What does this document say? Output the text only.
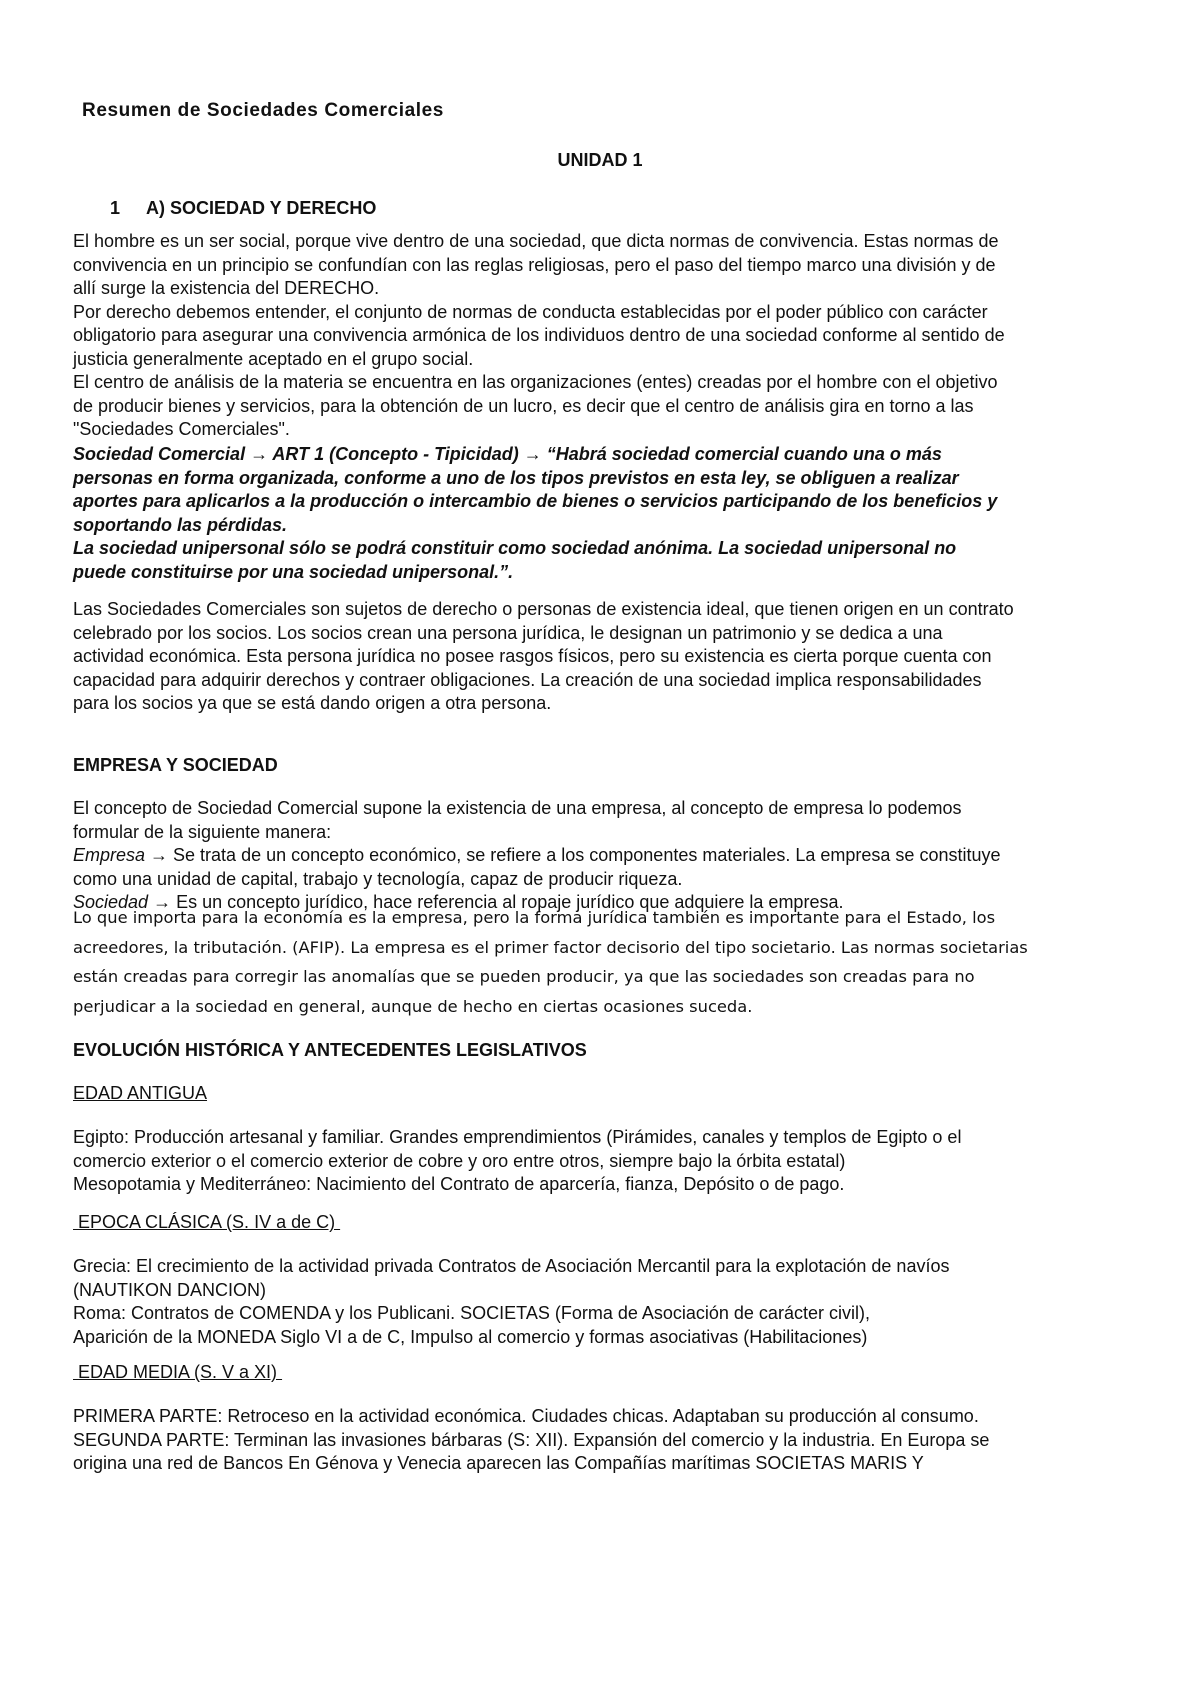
Resumen de Sociedades Comerciales
UNIDAD 1
1 A) SOCIEDAD Y DERECHO
El hombre es un ser social, porque vive dentro de una sociedad, que dicta normas de convivencia. Estas normas de
convivencia en un principio se confundían con las reglas religiosas, pero el paso del tiempo marco una división y de
allí surge la existencia del DERECHO.
Por derecho debemos entender, el conjunto de normas de conducta establecidas por el poder público con carácter
obligatorio para asegurar una convivencia armónica de los individuos dentro de una sociedad conforme al sentido de
justicia generalmente aceptado en el grupo social.
El centro de análisis de la materia se encuentra en las organizaciones (entes) creadas por el hombre con el objetivo
de producir bienes y servicios, para la obtención de un lucro, es decir que el centro de análisis gira en torno a las
"Sociedades Comerciales".
Sociedad Comercial → ART 1 (Concepto - Tipicidad) → “Habrá sociedad comercial cuando una o más
personas en forma organizada, conforme a uno de los tipos previstos en esta ley, se obliguen a realizar
aportes para aplicarlos a la producción o intercambio de bienes o servicios participando de los beneficios y
soportando las pérdidas.
La sociedad unipersonal sólo se podrá constituir como sociedad anónima. La sociedad unipersonal no
puede constituirse por una sociedad unipersonal.”.
Las Sociedades Comerciales son sujetos de derecho o personas de existencia ideal, que tienen origen en un contrato
celebrado por los socios. Los socios crean una persona jurídica, le designan un patrimonio y se dedica a una
actividad económica. Esta persona jurídica no posee rasgos físicos, pero su existencia es cierta porque cuenta con
capacidad para adquirir derechos y contraer obligaciones. La creación de una sociedad implica responsabilidades
para los socios ya que se está dando origen a otra persona.
EMPRESA Y SOCIEDAD
El concepto de Sociedad Comercial supone la existencia de una empresa, al concepto de empresa lo podemos
formular de la siguiente manera:
Empresa → Se trata de un concepto económico, se refiere a los componentes materiales. La empresa se constituye
como una unidad de capital, trabajo y tecnología, capaz de producir riqueza.
Sociedad → Es un concepto jurídico, hace referencia al ropaje jurídico que adquiere la empresa.
Lo que importa para la economía es la empresa, pero la forma jurídica también es importante para el Estado, los
acreedores, la tributación. (AFIP). La empresa es el primer factor decisorio del tipo societario. Las normas societarias
están creadas para corregir las anomalías que se pueden producir, ya que las sociedades son creadas para no
perjudicar a la sociedad en general, aunque de hecho en ciertas ocasiones suceda.
EVOLUCIÓN HISTÓRICA Y ANTECEDENTES LEGISLATIVOS
EDAD ANTIGUA
Egipto: Producción artesanal y familiar. Grandes emprendimientos (Pirámides, canales y templos de Egipto o el
comercio exterior o el comercio exterior de cobre y oro entre otros, siempre bajo la órbita estatal)
Mesopotamia y Mediterráneo: Nacimiento del Contrato de aparcería, fianza, Depósito o de pago.
EPOCA CLÁSICA (S. IV a de C)
Grecia: El crecimiento de la actividad privada Contratos de Asociación Mercantil para la explotación de navíos
(NAUTIKON DANCION)
Roma: Contratos de COMENDA y los Publicani. SOCIETAS (Forma de Asociación de carácter civil),
Aparición de la MONEDA Siglo VI a de C, Impulso al comercio y formas asociativas (Habilitaciones)
EDAD MEDIA (S. V a XI)
PRIMERA PARTE: Retroceso en la actividad económica. Ciudades chicas. Adaptaban su producción al consumo.
SEGUNDA PARTE: Terminan las invasiones bárbaras (S: XII). Expansión del comercio y la industria. En Europa se
origina una red de Bancos En Génova y Venecia aparecen las Compañías marítimas SOCIETAS MARIS Y
